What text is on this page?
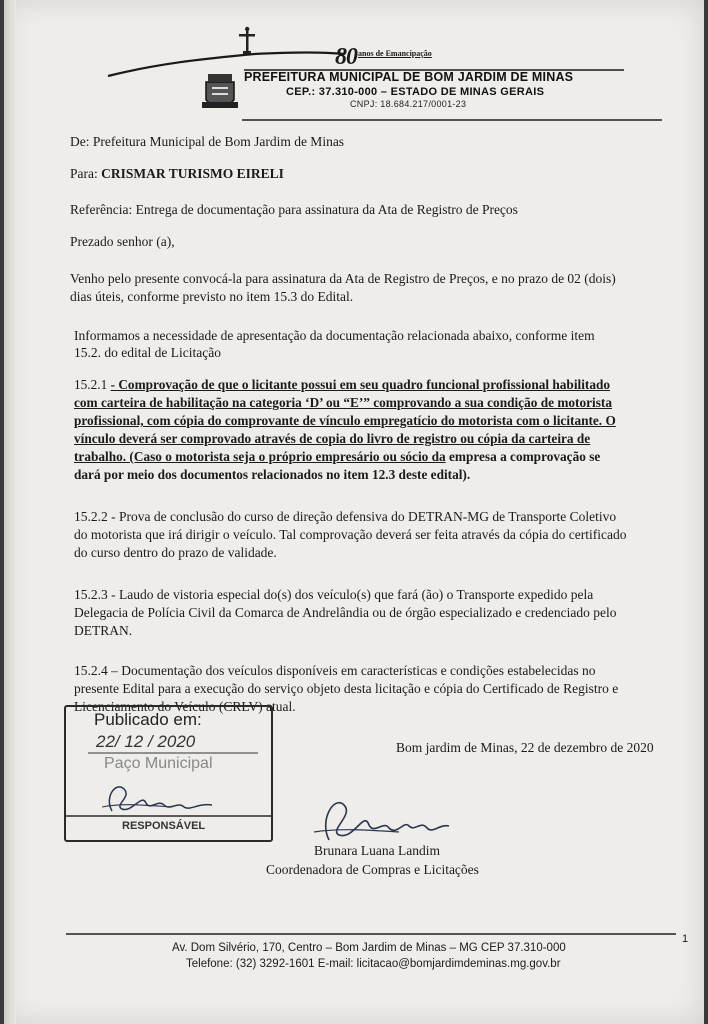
$80^{anos de Emancipação}$
PREFEITURA MUNICIPAL DE BOM JARDIM DE MINAS
CEP.: 37.310-000 – ESTADO DE MINAS GERAIS
CNPJ: 18.684.217/0001-23
De: Prefeitura Municipal de Bom Jardim de Minas
Para: CRISMAR TURISMO EIRELI
Referência: Entrega de documentação para assinatura da Ata de Registro de Preços
Prezado senhor (a),
Venho pelo presente convocá-la para assinatura da Ata de Registro de Preços, e no prazo de 02 (dois)
dias úteis, conforme previsto no item 15.3 do Edital.
Informamos a necessidade de apresentação da documentação relacionada abaixo, conforme item
15.2. do edital de Licitação
15.2.1 - Comprovação de que o licitante possui em seu quadro funcional profissional habilitado
com carteira de habilitação na categoria ‘D’ ou “E’” comprovando a sua condição de motorista
profissional, com cópia do comprovante de vínculo empregatício do motorista com o licitante. O
vínculo deverá ser comprovado através de copia do livro de registro ou cópia da carteira de
trabalho. (Caso o motorista seja o próprio empresário ou sócio da empresa a comprovação se
dará por meio dos documentos relacionados no item 12.3 deste edital).
15.2.2 - Prova de conclusão do curso de direção defensiva do DETRAN-MG de Transporte Coletivo
do motorista que irá dirigir o veículo. Tal comprovação deverá ser feita através da cópia do certificado
do curso dentro do prazo de validade.
15.2.3 - Laudo de vistoria especial do(s) dos veículo(s) que fará (ão) o Transporte expedido pela
Delegacia de Polícia Civil da Comarca de Andrelândia ou de órgão especializado e credenciado pelo
DETRAN.
15.2.4 – Documentação dos veículos disponíveis em características e condições estabelecidas no
presente Edital para a execução do serviço objeto desta licitação e cópia do Certificado de Registro e
Licenciamento do Veículo (CRLV) atual.
Bom jardim de Minas, 22 de dezembro de 2020
Brunara Luana Landim
Coordenadora de Compras e Licitações
Publicado em:
22/ 12 / 2020
Paço Municipal
RESPONSÁVEL
1
Av. Dom Silvério, 170, Centro – Bom Jardim de Minas – MG CEP 37.310-000
Telefone: (32) 3292-1601 E-mail: licitacao@bomjardimdeminas.mg.gov.br
